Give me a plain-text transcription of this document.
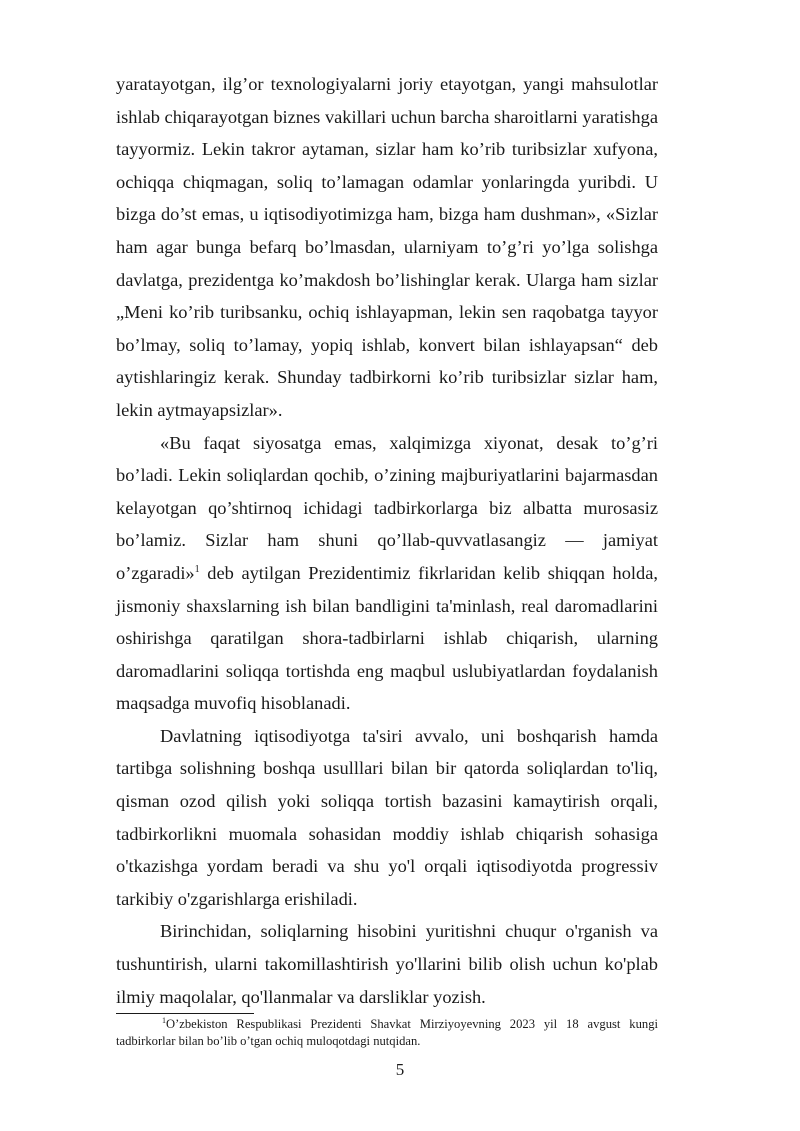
yaratayotgan, ilg’or texnologiyalarni joriy etayotgan, yangi mahsulotlar ishlab chiqarayotgan biznes vakillari uchun barcha sharoitlarni yaratishga tayyormiz. Lekin takror aytaman, sizlar ham ko’rib turibsizlar xufyona, ochiqqa chiqmagan, soliq to’lamagan odamlar yonlaringda yuribdi. U bizga do’st emas, u iqtisodiyotimizga ham, bizga ham dushman», «Sizlar ham agar bunga befarq bo’lmasdan, ularniyam to’g’ri yo’lga solishga davlatga, prezidentga ko’makdosh bo’lishinglar kerak. Ularga ham sizlar „Meni ko’rib turibsanku, ochiq ishlayapman, lekin sen raqobatga tayyor bo’lmay, soliq to’lamay, yopiq ishlab, konvert bilan ishlayapsan“ deb aytishlaringiz kerak. Shunday tadbirkorni ko’rib turibsizlar sizlar ham, lekin aytmayapsizlar».

«Bu faqat siyosatga emas, xalqimizga xiyonat, desak to’g’ri bo’ladi. Lekin soliqlardan qochib, o’zining majburiyatlarini bajarmasdan kelayotgan qo’shtirnoq ichidagi tadbirkorlarga biz albatta murosasiz bo’lamiz. Sizlar ham shuni qo’llab-quvvatlasangiz — jamiyat o’zgaradi»$^1$ deb aytilgan Prezidentimiz fikrlaridan kelib shiqqan holda, jismoniy shaxslarning ish bilan bandligini ta'minlash, real daromadlarini oshirishga qaratilgan shora-tadbirlarni ishlab chiqarish, ularning daromadlarini soliqqa tortishda eng maqbul uslubiyatlardan foydalanish maqsadga muvofiq hisoblanadi.

Davlatning iqtisodiyotga ta'siri avvalo, uni boshqarish hamda tartibga solishning boshqa usulllari bilan bir qatorda soliqlardan to'liq, qisman ozod qilish yoki soliqqa tortish bazasini kamaytirish orqali, tadbirkorlikni muomala sohasidan moddiy ishlab chiqarish sohasiga o'tkazishga yordam beradi va shu yo'l orqali iqtisodiyotda progressiv tarkibiy o'zgarishlarga erishiladi.

Birinchidan, soliqlarning hisobini yuritishni chuqur o'rganish va tushuntirish, ularni takomillashtirish yo'llarini bilib olish uchun ko'plab ilmiy maqolalar, qo'llanmalar va darsliklar yozish.

$^1$O’zbekiston Respublikasi Prezidenti Shavkat Mirziyoyevning 2023 yil 18 avgust kungi tadbirkorlar bilan bo’lib o’tgan ochiq muloqotdagi nutqidan.
5
